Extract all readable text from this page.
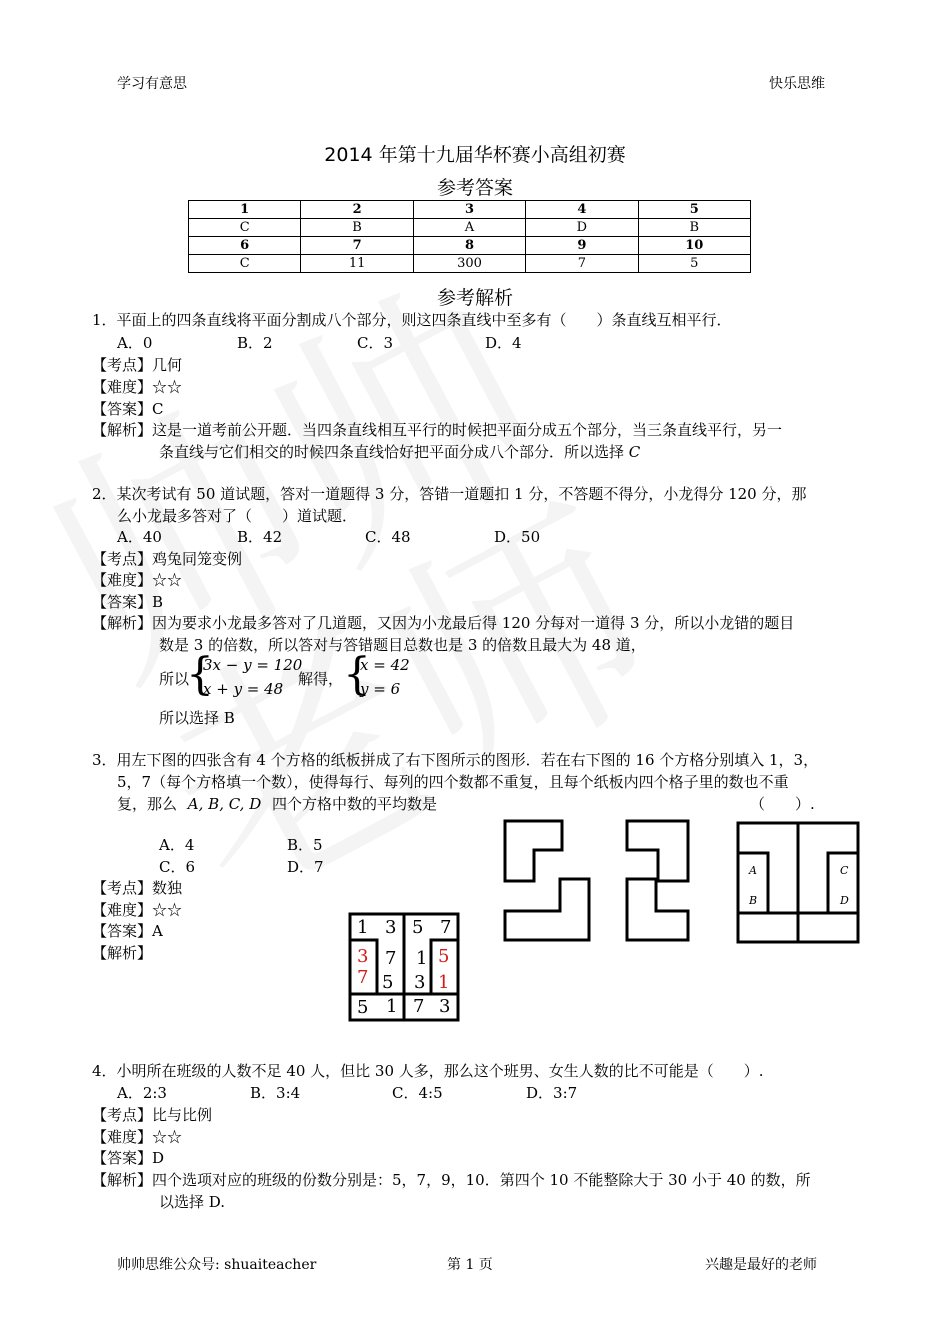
学习有意思	快乐思维
2014 年第十九届华杯赛小高组初赛
参考答案
1	2	3	4	5
C	B	A	D	B
6	7	8	9	10
C	11	300	7	5
参考解析
1．平面上的四条直线将平面分割成八个部分，则这四条直线中至多有（　　）条直线互相平行．
A．0	B．2	C．3	D．4
【考点】几何
【难度】☆☆
【答案】C
【解析】这是一道考前公开题．当四条直线相互平行的时候把平面分成五个部分，当三条直线平行，另一
条直线与它们相交的时候四条直线恰好把平面分成八个部分．所以选择 C
2．某次考试有 50 道试题，答对一道题得 3 分，答错一道题扣 1 分，不答题不得分，小龙得分 120 分，那
么小龙最多答对了（　　）道试题．
A．40	B．42	C．48	D．50
【考点】鸡兔同笼变例
【难度】☆☆
【答案】B
【解析】因为要求小龙最多答对了几道题，又因为小龙最后得 120 分每对一道得 3 分，所以小龙错的题目
数是 3 的倍数，所以答对与答错题目总数也是 3 的倍数且最大为 48 道，
所以
{
3x − y = 120
x + y = 48
解得， {
x = 42
y = 6
所以选择 B
3．用左下图的四张含有 4 个方格的纸板拼成了右下图所示的图形．若在右下图的 16 个方格分别填入 1，3，
5，7（每个方格填一个数），使得每行、每列的四个数都不重复，且每个纸板内四个格子里的数也不重
复，那么 A, B, C, D 四个方格中数的平均数是	（　　）.
A．4	B．5
C．6	D．7
【考点】数独
【难度】☆☆
【答案】A
【解析】
A
B
C
D
1 3 5 7
3 7 1 5
7 5 3 1
5 1 7 3
4．小明所在班级的人数不足 40 人，但比 30 人多，那么这个班男、女生人数的比不可能是（　　）.
A．2:3	B．3:4	C．4:5	D．3:7
【考点】比与比例
【难度】☆☆
【答案】D
【解析】四个选项对应的班级的份数分别是：5，7，9，10．第四个 10 不能整除大于 30 小于 40 的数，所
以选择 D.
帅帅思维公众号: shuaiteacher	第 1 页	兴趣是最好的老师
